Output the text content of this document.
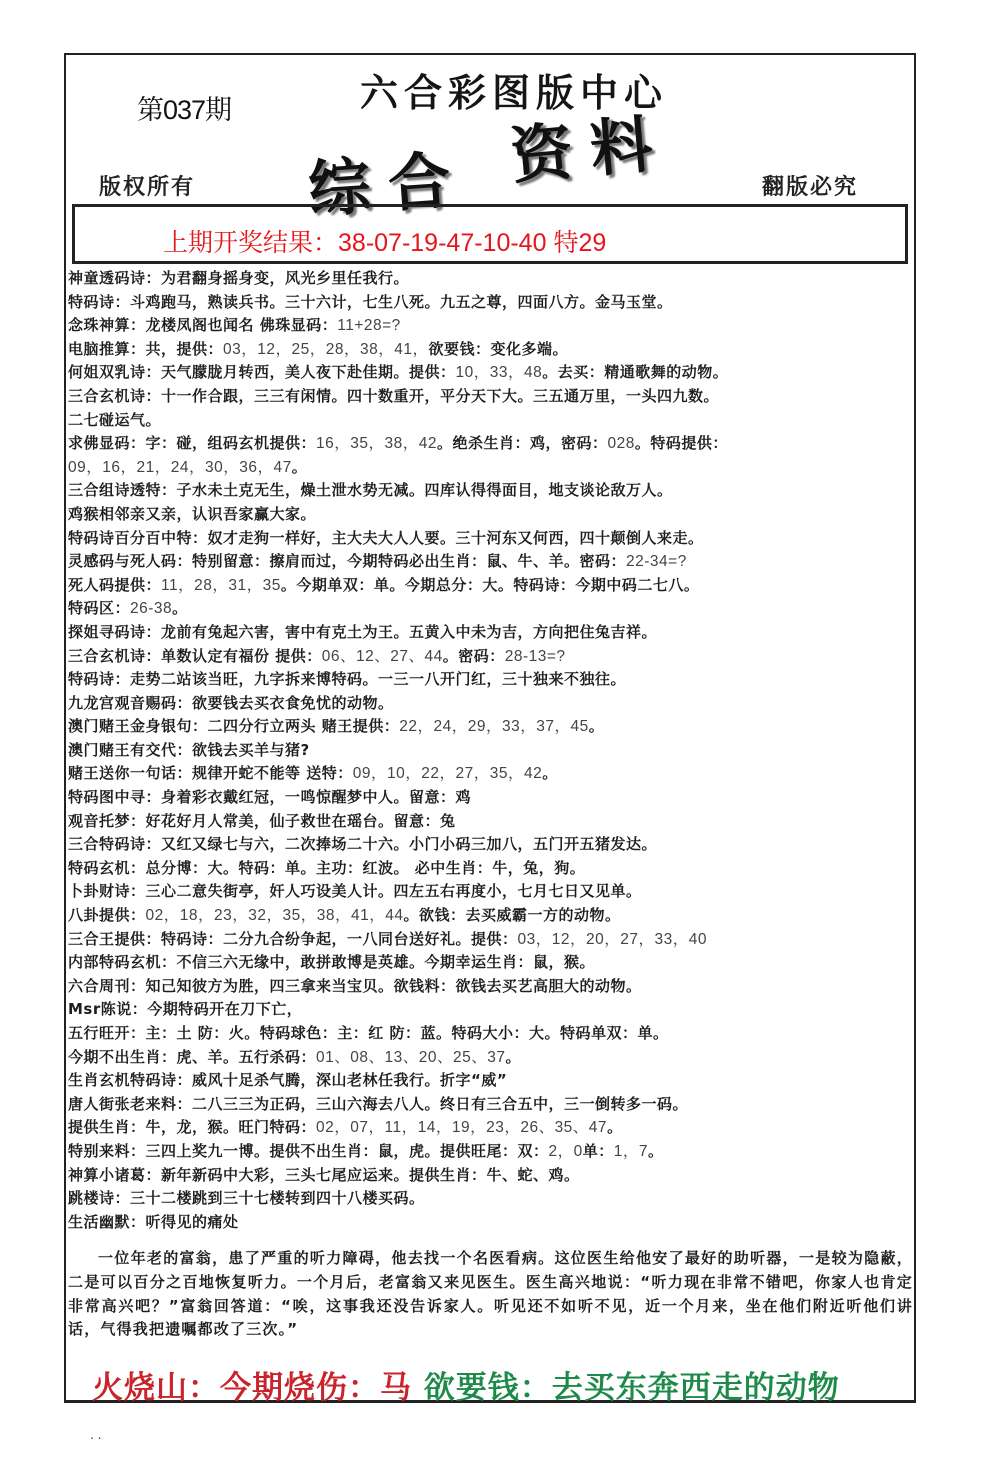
第037期	六合彩图版中心
综合 资料
版权所有	翻版必究
上期开奖结果：38-07-19-47-10-40 特29
神童透码诗：为君翻身摇身变，风光乡里任我行。
特码诗：斗鸡跑马，熟读兵书。三十六计，七生八死。九五之尊，四面八方。金马玉堂。
念珠神算：龙楼凤阁也闻名 佛珠显码：11+28=?
电脑推算：共，提供：03，12，25，28，38，41，欲要钱：变化多端。
何姐双乳诗：天气朦胧月转西，美人夜下赴佳期。提供：10，33，48。去买：精通歌舞的动物。
三合玄机诗：十一作合跟，三三有闲情。四十数重开，平分天下大。三五通万里，一头四九数。
二七碰运气。
求佛显码：字：碰，组码玄机提供：16，35，38，42。绝杀生肖：鸡，密码：028。特码提供：
09，16，21，24，30，36，47。
三合组诗透特：子水未土克无生，燥土泄水势无减。四库认得得面目，地支谈论敌万人。
鸡猴相邻亲又亲，认识吾家赢大家。
特码诗百分百中特：奴才走狗一样好，主大夫大人人要。三十河东又何西，四十颠倒人来走。
灵感码与死人码：特别留意：擦肩而过，今期特码必出生肖：鼠、牛、羊。密码：22-34=?
死人码提供：11，28，31，35。今期单双：单。今期总分：大。特码诗：今期中码二七八。
特码区：26-38。
探姐寻码诗：龙前有兔起六害，害中有克土为王。五黄入中未为吉，方向把住兔吉祥。
三合玄机诗：单数认定有福份 提供：06、12、27、44。密码：28-13=?
特码诗：走势二站该当旺，九字拆来博特码。一三一八开门红，三十独来不独往。
九龙宫观音赐码：欲要钱去买衣食免忧的动物。
澳门赌王金身银句：二四分行立两头 赌王提供：22，24，29，33，37，45。
澳门赌王有交代：欲钱去买羊与猪?
赌王送你一句话：规律开蛇不能等 送特：09，10，22，27，35，42。
特码图中寻：身着彩衣戴红冠，一鸣惊醒梦中人。留意：鸡
观音托梦：好花好月人常美，仙子救世在瑶台。留意：兔
三合特码诗：又红又绿七与六，二次捧场二十六。小门小码三加八，五门开五猪发达。
特码玄机：总分博：大。特码：单。主功：红波。 必中生肖：牛，兔，狗。
卜卦财诗：三心二意失街亭，奸人巧设美人计。四左五右再度小，七月七日又见单。
八卦提供：02，18，23，32，35，38，41，44。欲钱：去买威霸一方的动物。
三合王提供：特码诗：二分九合纷争起，一八同台送好礼。提供：03，12，20，27，33，40
内部特码玄机：不信三六无缘中，敢拼敢博是英雄。今期幸运生肖：鼠，猴。
六合周刊：知己知彼方为胜，四三拿来当宝贝。欲钱料：欲钱去买艺高胆大的动物。
Msr陈说：今期特码开在刀下亡，
五行旺开：主：土 防：火。特码球色：主：红 防：蓝。特码大小：大。特码单双：单。
今期不出生肖：虎、羊。五行杀码：01、08、13、20、25、37。
生肖玄机特码诗：威风十足杀气腾，深山老林任我行。折字“威”
唐人街张老来料：二八三三为正码，三山六海去八人。终日有三合五中，三一倒转多一码。
提供生肖：牛，龙，猴。旺门特码：02，07，11，14，19，23，26、35、47。
特别来料：三四上奖九一博。提供不出生肖：鼠，虎。提供旺尾：双：2，0单：1，7。
神算小诸葛：新年新码中大彩，三头七尾应运来。提供生肖：牛、蛇、鸡。
跳楼诗：三十二楼跳到三十七楼转到四十八楼买码。
生活幽默：听得见的痛处

一位年老的富翁，患了严重的听力障碍，他去找一个名医看病。这位医生给他安了最好的助听器，一是较为隐蔽，二是可以百分之百地恢复听力。一个月后，老富翁又来见医生。医生高兴地说：“听力现在非常不错吧，你家人也肯定非常高兴吧？”富翁回答道：“唉，这事我还没告诉家人。听见还不如听不见，近一个月来，坐在他们附近听他们讲话，气得我把遗嘱都改了三次。”

火烧山：今期烧伤：马 欲要钱：去买东奔西走的动物
. .
